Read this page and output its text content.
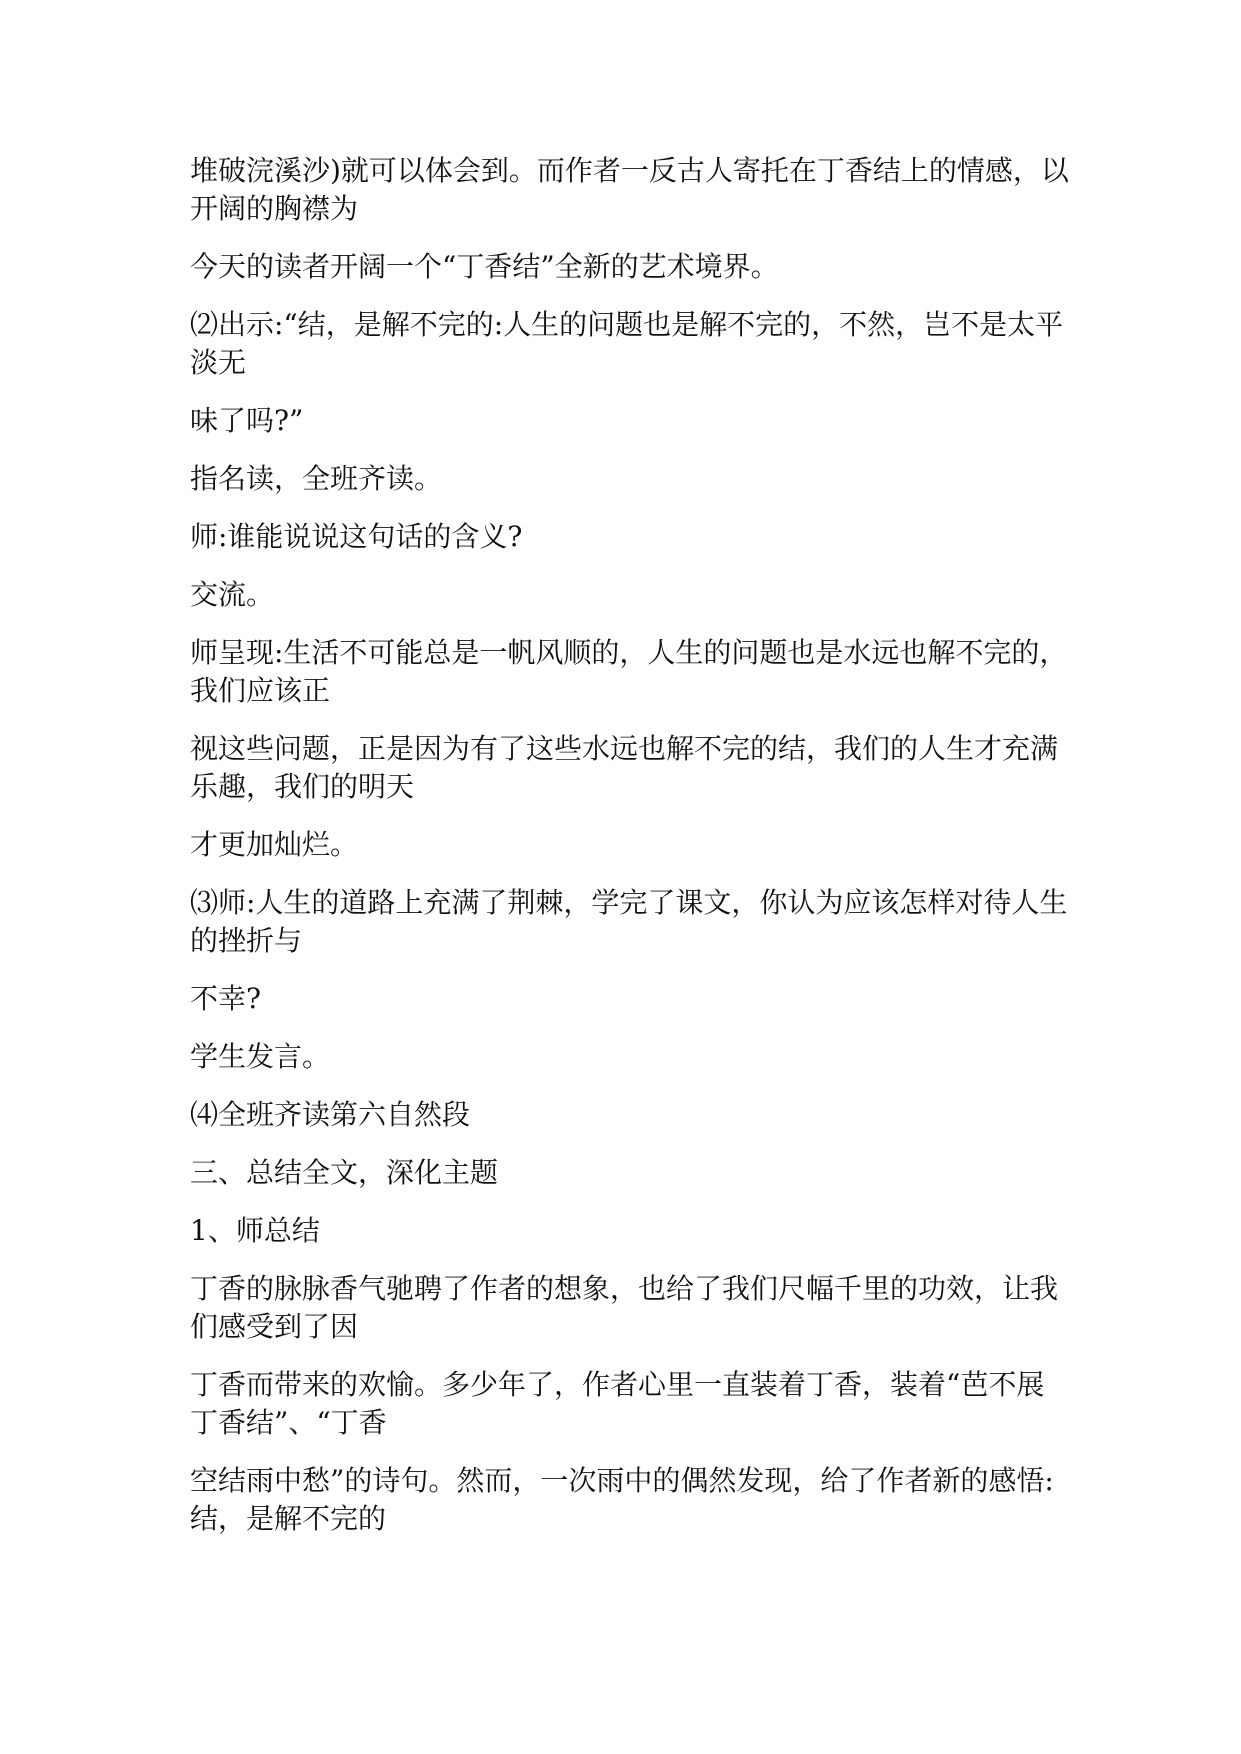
堆破浣溪沙)就可以体会到。而作者一反古人寄托在丁香结上的情感，以开阔的胸襟为

今天的读者开阔一个“丁香结”全新的艺术境界。

⑵出示:“结，是解不完的:人生的问题也是解不完的，不然，岂不是太平淡无

味了吗?”

指名读，全班齐读。

师:谁能说说这句话的含义?

交流。

师呈现:生活不可能总是一帆风顺的，人生的问题也是水远也解不完的，我们应该正

视这些问题，正是因为有了这些水远也解不完的结，我们的人生才充满乐趣，我们的明天

才更加灿烂。

⑶师:人生的道路上充满了荆棘，学完了课文，你认为应该怎样对待人生的挫折与

不幸?

学生发言。

⑷全班齐读第六自然段

三、总结全文，深化主题

1、师总结

丁香的脉脉香气驰聘了作者的想象，也给了我们尺幅千里的功效，让我们感受到了因

丁香而带来的欢愉。多少年了，作者心里一直装着丁香，装着“芭不展丁香结”、“丁香

空结雨中愁”的诗句。然而，一次雨中的偶然发现，给了作者新的感悟:结，是解不完的
